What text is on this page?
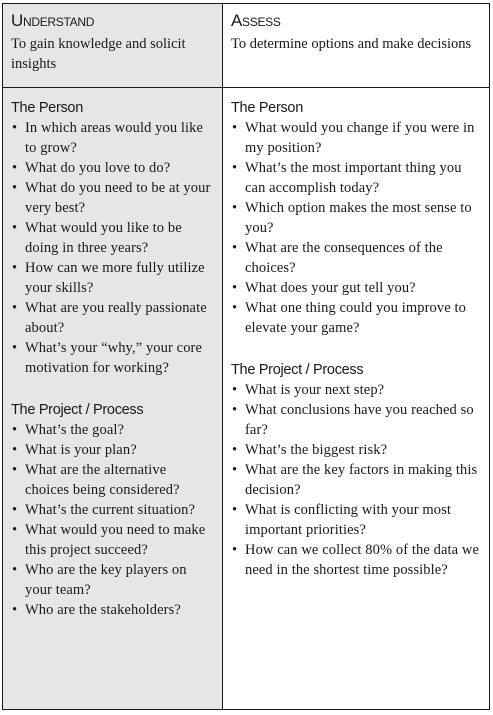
Understand
To gain knowledge and solicit insights
Assess
To determine options and make decisions
The Person
• In which areas would you like to grow?
• What do you love to do?
• What do you need to be at your very best?
• What would you like to be doing in three years?
• How can we more fully utilize your skills?
• What are you really passionate about?
• What’s your “why,” your core motivation for working?
The Project / Process
• What’s the goal?
• What is your plan?
• What are the alternative choices being considered?
• What’s the current situation?
• What would you need to make this project succeed?
• Who are the key players on your team?
• Who are the stakeholders?
The Person
• What would you change if you were in my position?
• What’s the most important thing you can accomplish today?
• Which option makes the most sense to you?
• What are the consequences of the choices?
• What does your gut tell you?
• What one thing could you improve to elevate your game?
The Project / Process
• What is your next step?
• What conclusions have you reached so far?
• What’s the biggest risk?
• What are the key factors in making this decision?
• What is conflicting with your most important priorities?
• How can we collect 80% of the data we need in the shortest time possible?
